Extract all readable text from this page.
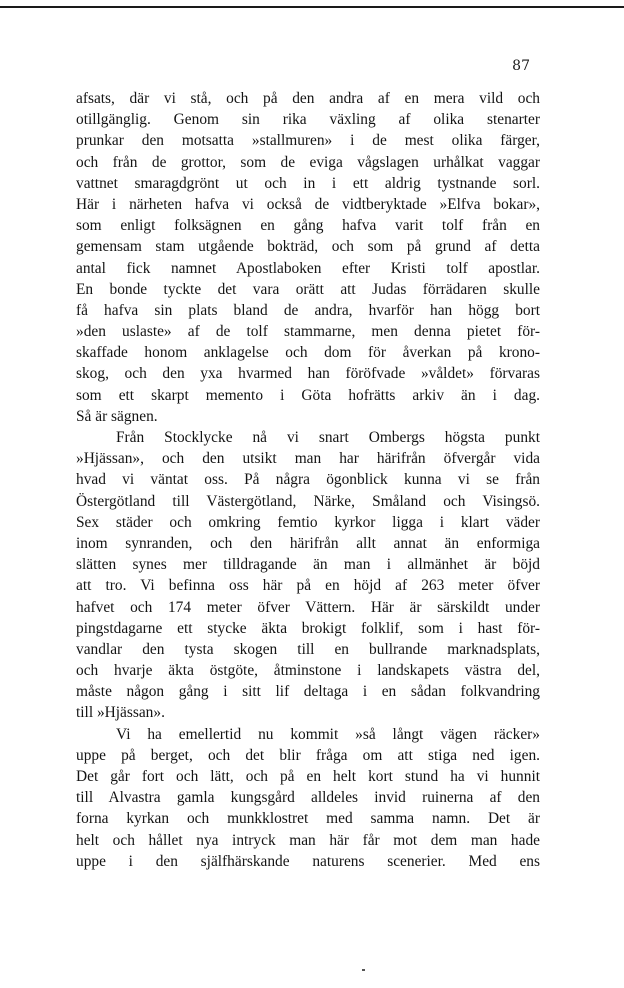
87
afsats, där vi stå, och på den andra af en mera vild och
otillgänglig. Genom sin rika växling af olika stenarter
prunkar den motsatta »stallmuren» i de mest olika färger,
och från de grottor, som de eviga vågslagen urhålkat vaggar
vattnet smaragdgrönt ut och in i ett aldrig tystnande sorl.
Här i närheten hafva vi också de vidtberyktade »Elfva bokar»,
som enligt folksägnen en gång hafva varit tolf från en
gemensam stam utgående bokträd, och som på grund af detta
antal fick namnet Apostlaboken efter Kristi tolf apostlar.
En bonde tyckte det vara orätt att Judas förrädaren skulle
få hafva sin plats bland de andra, hvarför han högg bort
»den uslaste» af de tolf stammarne, men denna pietet för-
skaffade honom anklagelse och dom för åverkan på krono-
skog, och den yxa hvarmed han föröfvade »våldet» förvaras
som ett skarpt memento i Göta hofrätts arkiv än i dag.
Så är sägnen.
Från Stocklycke nå vi snart Ombergs högsta punkt
»Hjässan», och den utsikt man har härifrån öfvergår vida
hvad vi väntat oss. På några ögonblick kunna vi se från
Östergötland till Västergötland, Närke, Småland och Visingsö.
Sex städer och omkring femtio kyrkor ligga i klart väder
inom synranden, och den härifrån allt annat än enformiga
slätten synes mer tilldragande än man i allmänhet är böjd
att tro. Vi befinna oss här på en höjd af 263 meter öfver
hafvet och 174 meter öfver Vättern. Här är särskildt under
pingstdagarne ett stycke äkta brokigt folklif, som i hast för-
vandlar den tysta skogen till en bullrande marknadsplats,
och hvarje äkta östgöte, åtminstone i landskapets västra del,
måste någon gång i sitt lif deltaga i en sådan folkvandring
till »Hjässan».
Vi ha emellertid nu kommit »så långt vägen räcker»
uppe på berget, och det blir fråga om att stiga ned igen.
Det går fort och lätt, och på en helt kort stund ha vi hunnit
till Alvastra gamla kungsgård alldeles invid ruinerna af den
forna kyrkan och munkklostret med samma namn. Det är
helt och hållet nya intryck man här får mot dem man hade
uppe i den själfhärskande naturens scenerier. Med ens
